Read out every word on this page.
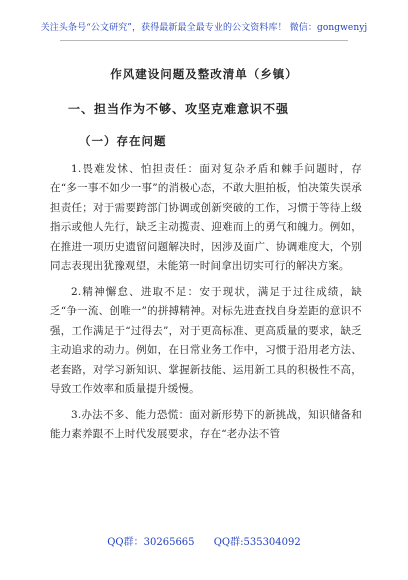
关注头条号“公文研究”，获得最新最全最专业的公文资料库！ 微信：gongwenyj
作风建设问题及整改清单（乡镇）
一、担当作为不够、攻坚克难意识不强
（一）存在问题

1.畏难发怵、怕担责任：面对复杂矛盾和棘手问题时，存在“多一事不如少一事”的消极心态，不敢大胆拍板，怕决策失误承担责任；对于需要跨部门协调或创新突破的工作，习惯于等待上级指示或他人先行，缺乏主动揽责、迎难而上的勇气和魄力。例如，在推进一项历史遗留问题解决时，因涉及面广、协调难度大，个别同志表现出犹豫观望，未能第一时间拿出切实可行的解决方案。

2.精神懈怠、进取不足：安于现状，满足于过往成绩，缺乏“争一流、创唯一”的拼搏精神。对标先进查找自身差距的意识不强，工作满足于“过得去”，对于更高标准、更高质量的要求，缺乏主动追求的动力。例如，在日常业务工作中，习惯于沿用老方法、老套路，对学习新知识、掌握新技能、运用新工具的积极性不高，导致工作效率和质量提升缓慢。

3.办法不多、能力恐慌：面对新形势下的新挑战，知识储备和能力素养跟不上时代发展要求，存在“老办法不管

QQ群：30265665 QQ群:535304092
